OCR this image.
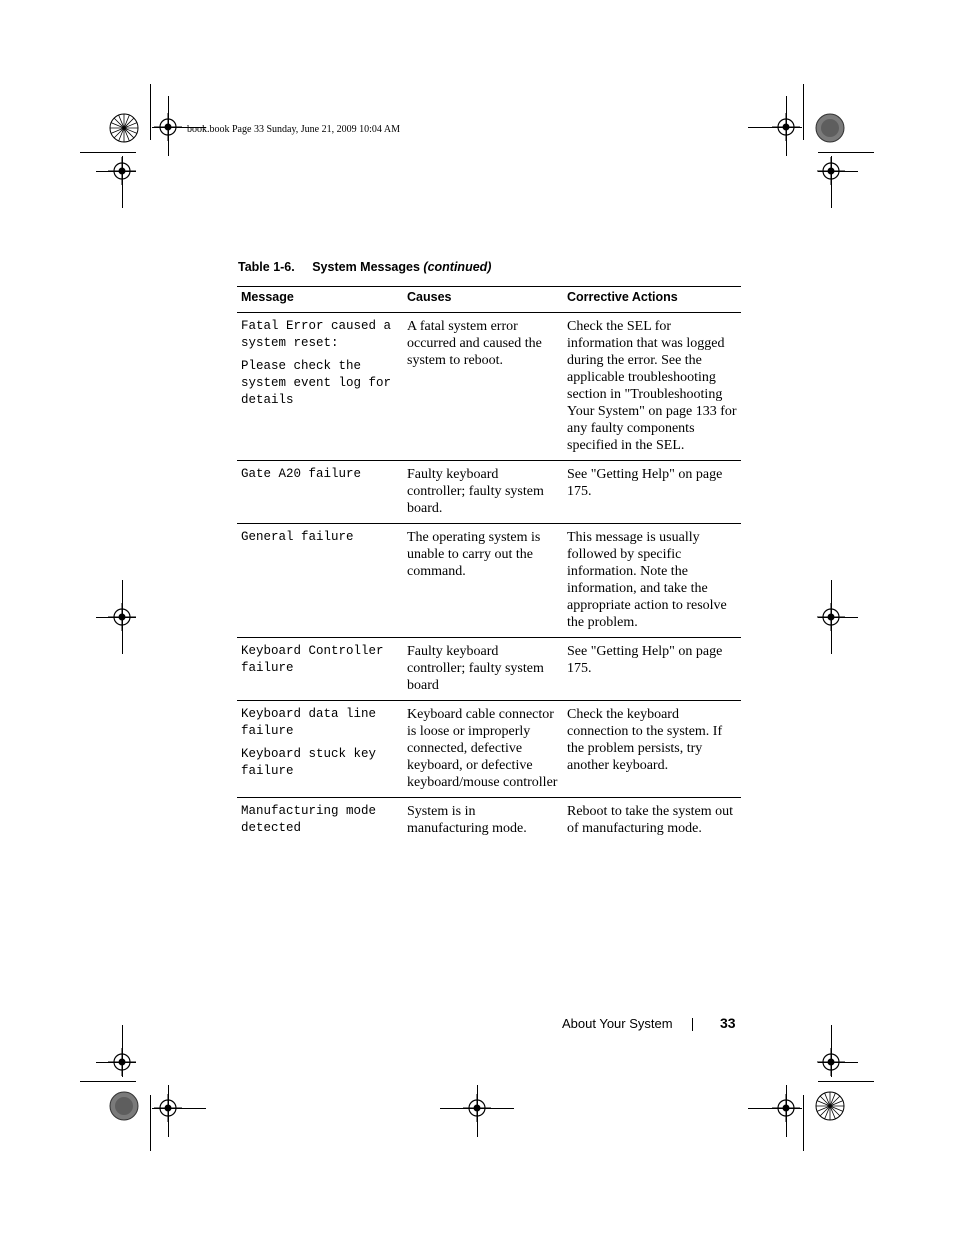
book.book Page 33 Sunday, June 21, 2009 10:04 AM
Table 1-6. System Messages (continued)
Message	Causes	Corrective Actions

Fatal Error caused a system reset:

Please check the system event log for details	A fatal system error occurred and caused the system to reboot.	Check the SEL for information that was logged during the error. See the applicable troubleshooting section in "Troubleshooting Your System" on page 133 for any faulty components specified in the SEL.

Gate A20 failure	Faulty keyboard controller; faulty system board.	See "Getting Help" on page 175.

General failure	The operating system is unable to carry out the command.	This message is usually followed by specific information. Note the information, and take the appropriate action to resolve the problem.

Keyboard Controller failure	Faulty keyboard controller; faulty system board	See "Getting Help" on page 175.

Keyboard data line failure

Keyboard stuck key failure	Keyboard cable connector is loose or improperly connected, defective keyboard, or defective keyboard/mouse controller	Check the keyboard connection to the system. If the problem persists, try another keyboard.

Manufacturing mode detected	System is in manufacturing mode.	Reboot to take the system out of manufacturing mode.
About Your System	33
